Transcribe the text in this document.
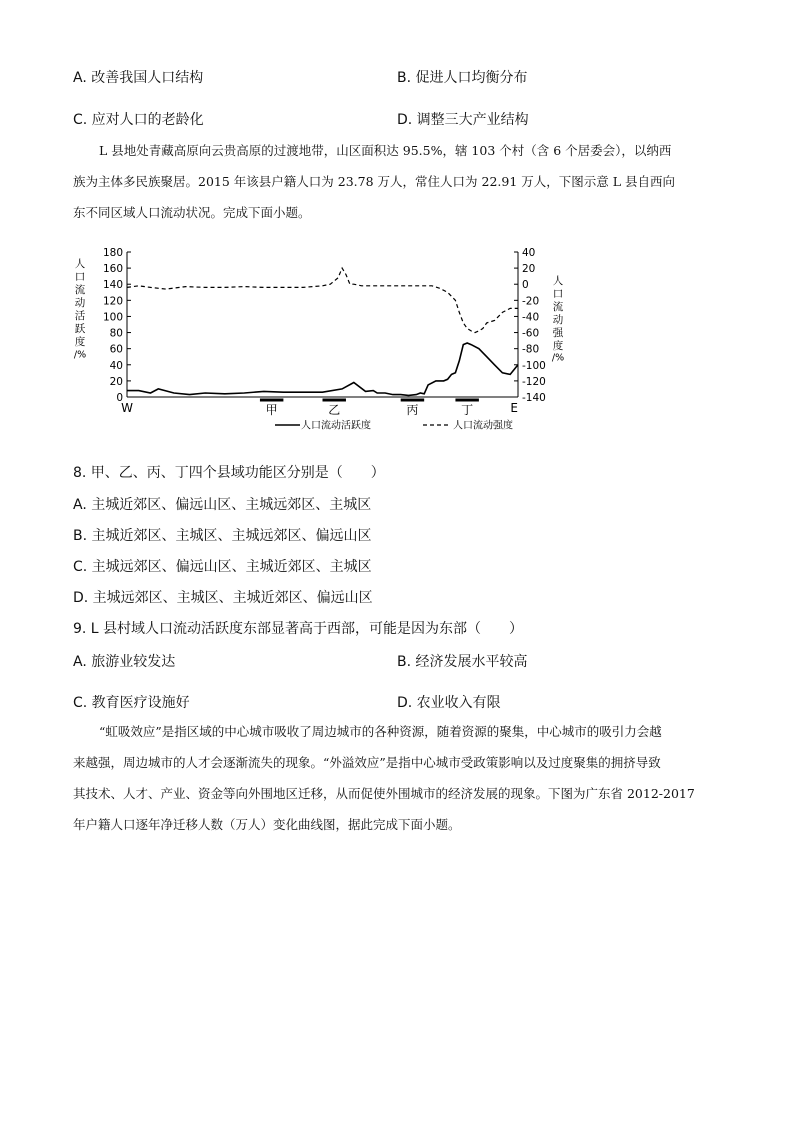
A. 改善我国人口结构	B. 促进人口均衡分布
C. 应对人口的老龄化	D. 调整三大产业结构

L 县地处青藏高原向云贵高原的过渡地带，山区面积达 95.5%，辖 103 个村（含 6 个居委会），以纳西

族为主体多民族聚居。2015 年该县户籍人口为 23.78 万人，常住人口为 22.91 万人，下图示意 L 县自西向

东不同区域人口流动状况。完成下面小题。

人
口
流
动
活
跃
度
/%
人
口
流
动
强
度
/%
180
160
140
120
100
80
60
40
20
0
40
20
0
-20
-40
-60
-80
-100
-120
-140
W	E
甲	乙	丙	丁
人口流动活跃度	人口流动强度
8. 甲、乙、丙、丁四个县域功能区分别是（　　）
A. 主城近郊区、偏远山区、主城远郊区、主城区
B. 主城近郊区、主城区、主城远郊区、偏远山区
C. 主城远郊区、偏远山区、主城近郊区、主城区
D. 主城远郊区、主城区、主城近郊区、偏远山区
9. L 县村域人口流动活跃度东部显著高于西部，可能是因为东部（　　）
A. 旅游业较发达	B. 经济发展水平较高
C. 教育医疗设施好	D. 农业收入有限

“虹吸效应”是指区域的中心城市吸收了周边城市的各种资源，随着资源的聚集，中心城市的吸引力会越

来越强，周边城市的人才会逐渐流失的现象。“外溢效应”是指中心城市受政策影响以及过度聚集的拥挤导致

其技术、人才、产业、资金等向外围地区迁移，从而促使外围城市的经济发展的现象。下图为广东省 2012-2017

年户籍人口逐年净迁移人数（万人）变化曲线图，据此完成下面小题。
